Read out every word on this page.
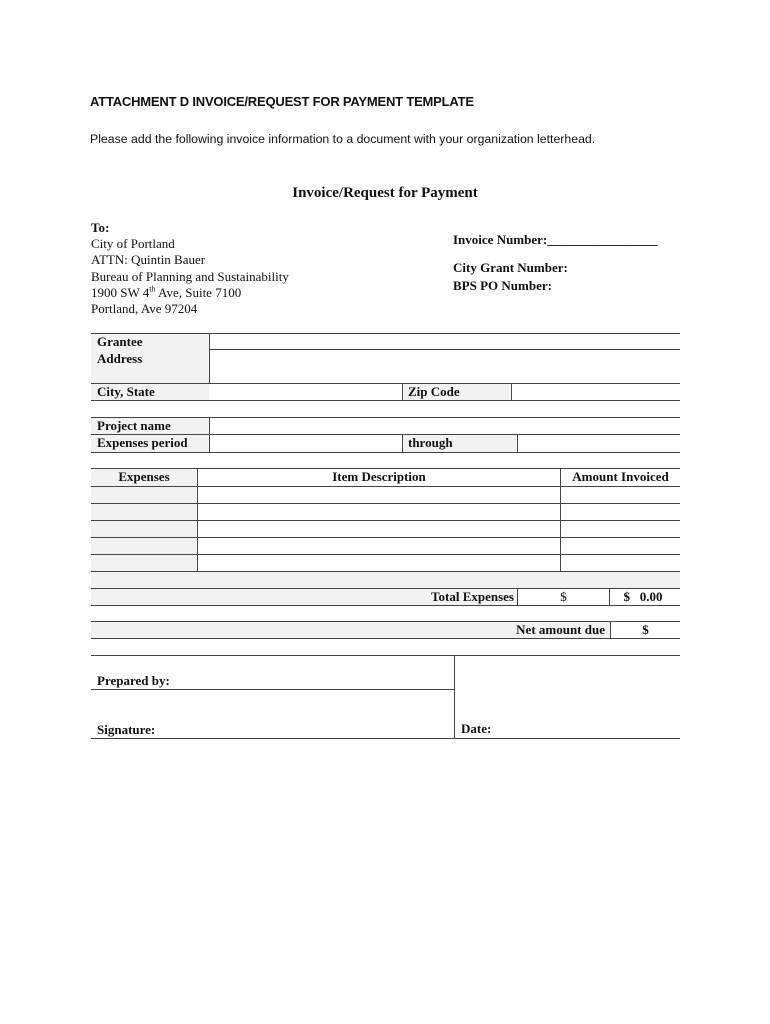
ATTACHMENT D INVOICE/REQUEST FOR PAYMENT TEMPLATE
Please add the following invoice information to a document with your organization letterhead.
Invoice/Request for Payment
To:
City of Portland
ATTN: Quintin Bauer
Bureau of Planning and Sustainability
1900 SW 4th Ave, Suite 7100
Portland, Ave 97204
Invoice Number:_________________
City Grant Number:
BPS PO Number:
Grantee
Address
City, State	Zip Code
Project name
Expenses period	through
Expenses	Item Description	Amount Invoiced
Total Expenses	$	$   0.00
Net amount due	$
Prepared by:
Signature:	Date:
